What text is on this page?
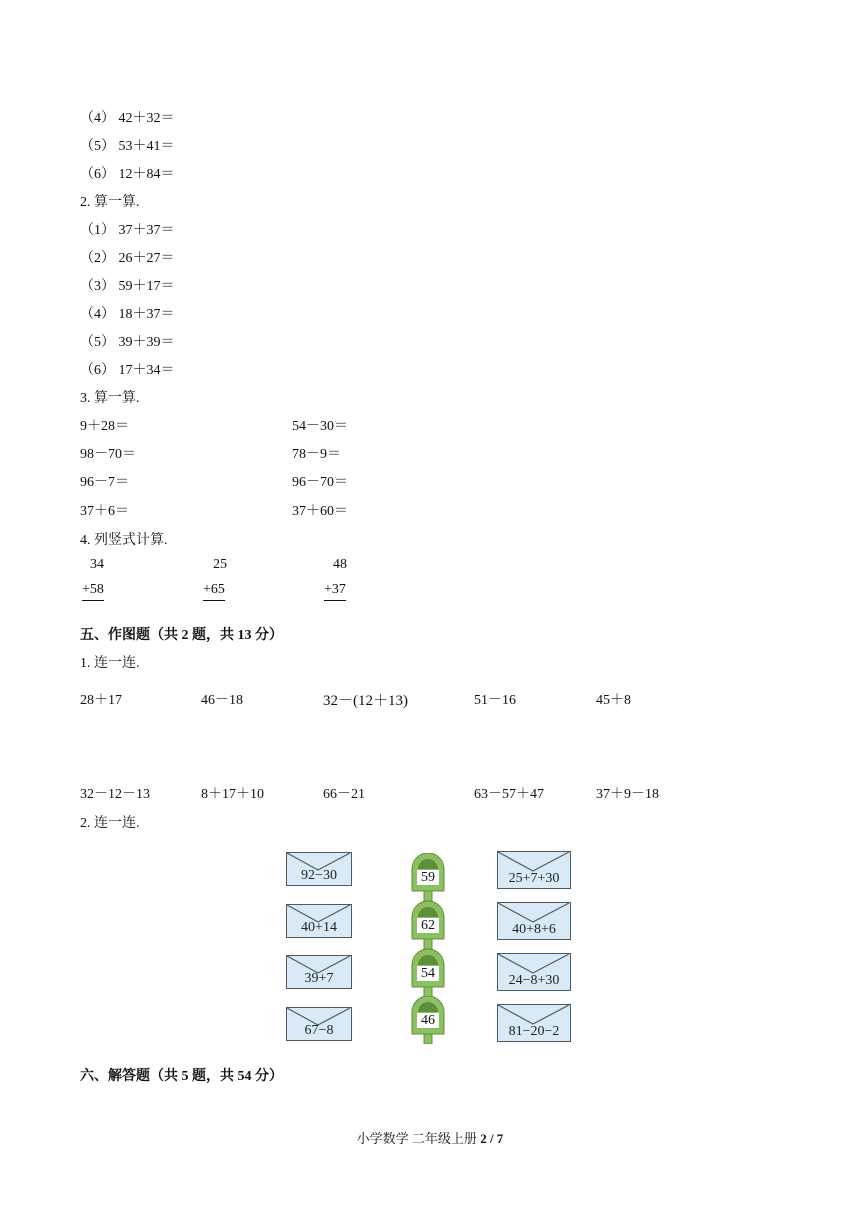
（4） 42＋32＝
（5） 53＋41＝
（6） 12＋84＝
2. 算一算.
（1） 37＋37＝
（2） 26＋27＝
（3） 59＋17＝
（4） 18＋37＝
（5） 39＋39＝
（6） 17＋34＝
3. 算一算.
9＋28＝	54－30＝
98－70＝	78－9＝
96－7＝	96－70＝
37＋6＝	37＋60＝
4. 列竖式计算.
34
+58
25
+65
48
+37
五、作图题（共 2 题，共 13 分）
1. 连一连.
28＋17	46－18	32－(12＋13)	51－16	45＋8
32－12－13	8＋17＋10	66－21	63－57＋47	37＋9－18
2. 连一连.
92−30
40+14
39+7
67−8
59
62
54
46
25+7+30
40+8+6
24−8+30
81−20−2
六、解答题（共 5 题，共 54 分）
小学数学 二年级上册 2 / 7
